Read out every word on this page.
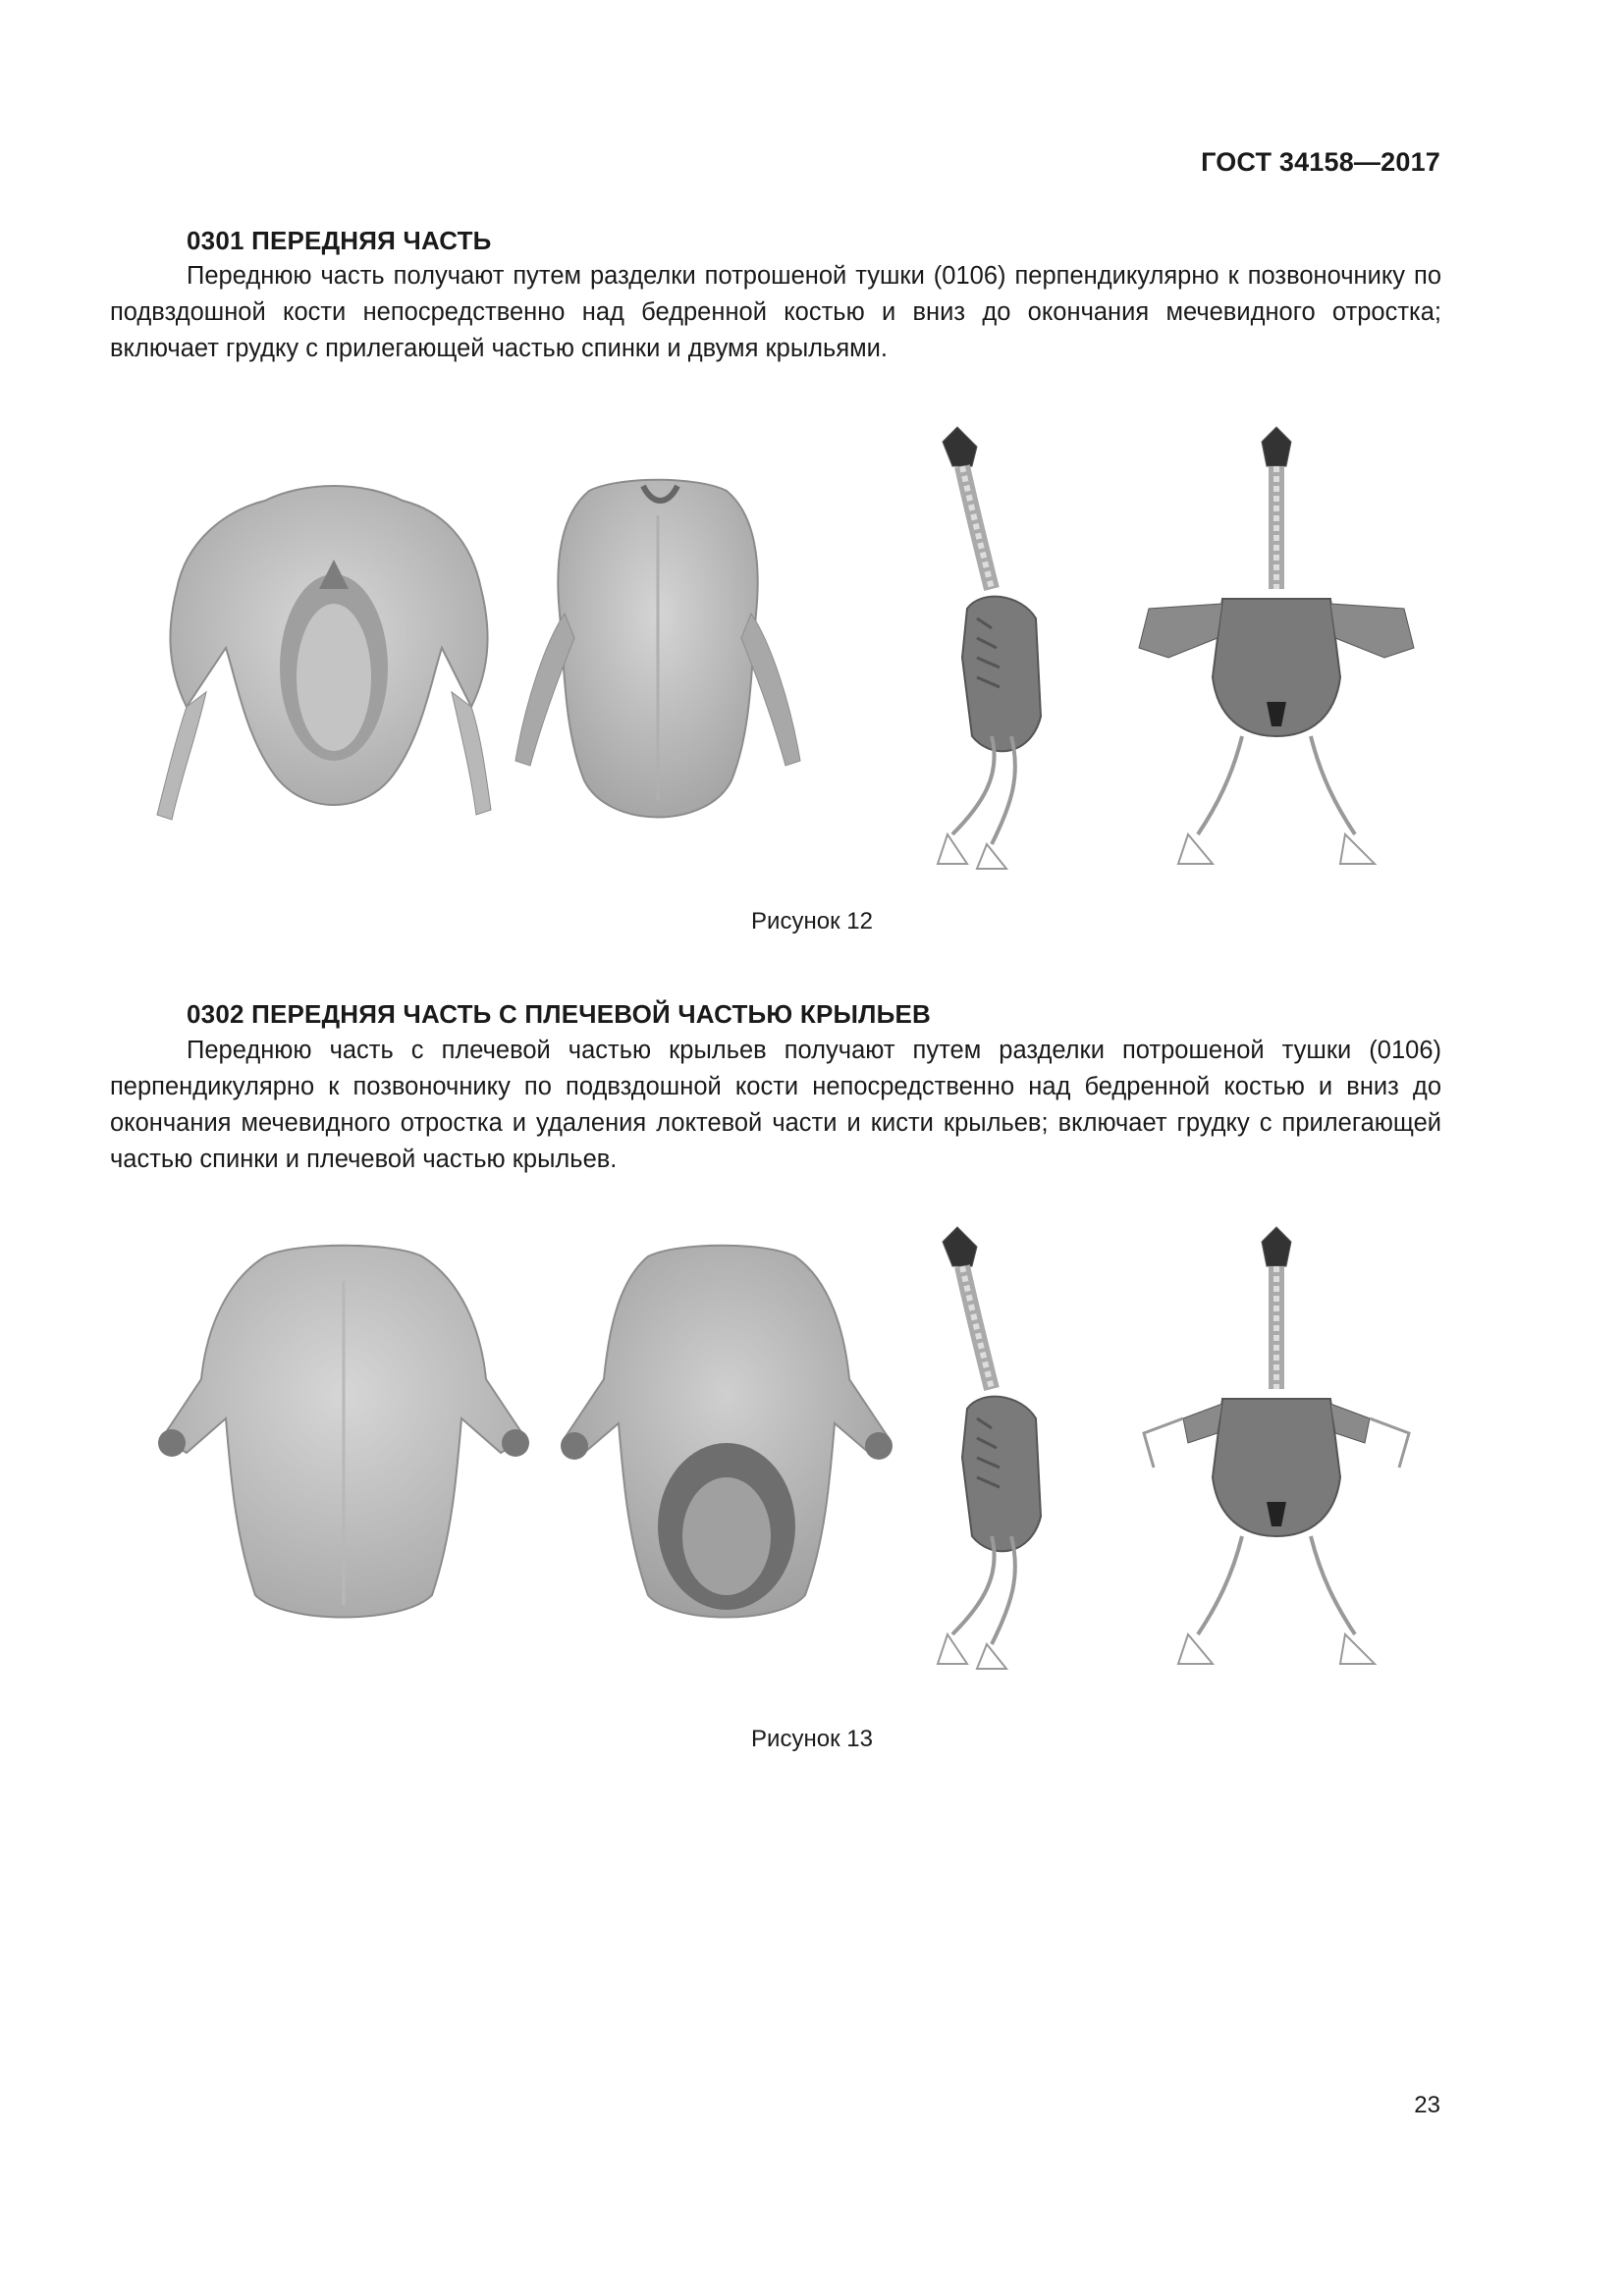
ГОСТ 34158—2017
0301 ПЕРЕДНЯЯ ЧАСТЬ

Переднюю часть получают путем разделки потрошеной тушки (0106) перпендикулярно к позвоночнику по подвздошной кости непосредственно над бедренной костью и вниз до окончания мечевидного отростка; включает грудку с прилегающей частью спинки и двумя крыльями.

Рисунок 12
0302 ПЕРЕДНЯЯ ЧАСТЬ С ПЛЕЧЕВОЙ ЧАСТЬЮ КРЫЛЬЕВ

Переднюю часть с плечевой частью крыльев получают путем разделки потрошеной тушки (0106) перпендикулярно к позвоночнику по подвздошной кости непосредственно над бедренной костью и вниз до окончания мечевидного отростка и удаления локтевой части и кисти крыльев; включает грудку с прилегающей частью спинки и плечевой частью крыльев.

Рисунок 13
23
